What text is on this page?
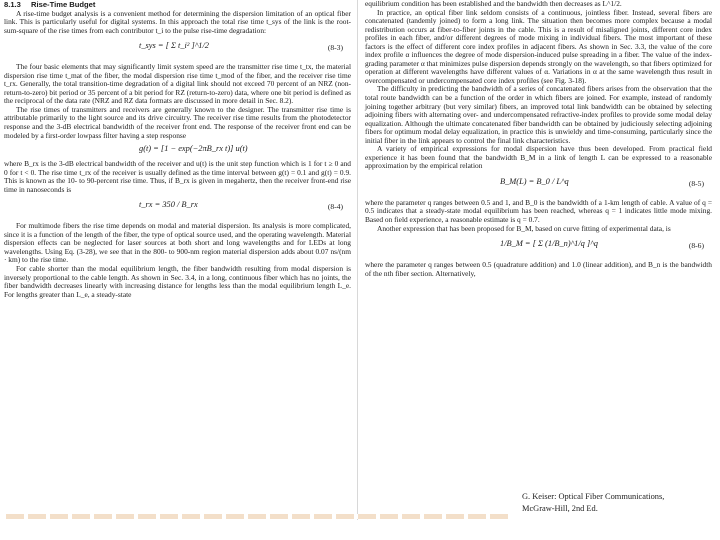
8.1.3 Rise-Time Budget

A rise-time budget analysis is a convenient method for determining the dispersion limitation of an optical fiber link. This is particularly useful for digital systems. In this approach the total rise time t_sys of the link is the root-sum-square of the rise times from each contributor t_i to the pulse rise-time degradation:

t_sys = [ Σ t_i² ]^1/2	(8-3)

The four basic elements that may significantly limit system speed are the transmitter rise time t_tx, the material dispersion rise time t_mat of the fiber, the modal dispersion rise time t_mod of the fiber, and the receiver rise time t_rx. Generally, the total transition-time degradation of a digital link should not exceed 70 percent of an NRZ (non-return-to-zero) bit period or 35 percent of a bit period for RZ (return-to-zero) data, where one bit period is defined as the reciprocal of the data rate (NRZ and RZ data formats are discussed in more detail in Sec. 8.2).

The rise times of transmitters and receivers are generally known to the designer. The transmitter rise time is attributable primarily to the light source and its drive circuitry. The receiver rise time results from the photodetector response and the 3-dB electrical bandwidth of the receiver front end. The response of the receiver front end can be modeled by a first-order lowpass filter having a step response

g(t) = [1 − exp(−2πB_rx t)] u(t)

where B_rx is the 3-dB electrical bandwidth of the receiver and u(t) is the unit step function which is 1 for t ≥ 0 and 0 for t < 0. The rise time t_rx of the receiver is usually defined as the time interval between g(t) = 0.1 and g(t) = 0.9. This is known as the 10- to 90-percent rise time. Thus, if B_rx is given in megahertz, then the receiver front-end rise time in nanoseconds is

t_rx = 350 / B_rx	(8-4)

For multimode fibers the rise time depends on modal and material dispersion. Its analysis is more complicated, since it is a function of the length of the fiber, the type of optical source used, and the operating wavelength. Material dispersion effects can be neglected for laser sources at both short and long wavelengths and for LEDs at long wavelengths. Using Eq. (3-28), we see that in the 800- to 900-nm region material dispersion adds about 0.07 ns/(nm · km) to the rise time.

For cable shorter than the modal equilibrium length, the fiber bandwidth resulting from modal dispersion is inversely proportional to the cable length. As shown in Sec. 3.4, in a long, continuous fiber which has no joints, the fiber bandwidth decreases linearly with increasing distance for lengths less than the modal equilibrium length L_e. For lengths greater than L_e, a steady-state

equilibrium condition has been established and the bandwidth then decreases as L^1/2.

In practice, an optical fiber link seldom consists of a continuous, jointless fiber. Instead, several fibers are concatenated (tandemly joined) to form a long link. The situation then becomes more complex because a modal redistribution occurs at fiber-to-fiber joints in the cable. This is a result of misaligned joints, different core index profiles in each fiber, and/or different degrees of mode mixing in individual fibers. The most important of these factors is the effect of different core index profiles in adjacent fibers. As shown in Sec. 3.3, the value of the core index profile α influences the degree of mode dispersion-induced pulse spreading in a fiber. The value of the index-grading parameter α that minimizes pulse dispersion depends strongly on the wavelength, so that fibers optimized for operation at different wavelengths have different values of α. Variations in α at the same wavelength thus result in overcompensated or undercompensated core index profiles (see Fig. 3-18).

The difficulty in predicting the bandwidth of a series of concatenated fibers arises from the observation that the total route bandwidth can be a function of the order in which fibers are joined. For example, instead of randomly joining together arbitrary (but very similar) fibers, an improved total link bandwidth can be obtained by selecting adjoining fibers with alternating over- and undercompensated refractive-index profiles to provide some modal delay equalization. Although the ultimate concatenated fiber bandwidth can be obtained by judiciously selecting adjoining fibers for optimum modal delay equalization, in practice this is unwieldy and time-consuming, particularly since the initial fiber in the link appears to control the final link characteristics.

A variety of empirical expressions for modal dispersion have thus been developed. From practical field experience it has been found that the bandwidth B_M in a link of length L can be expressed to a reasonable approximation by the empirical relation

B_M(L) = B_0 / L^q	(8-5)

where the parameter q ranges between 0.5 and 1, and B_0 is the bandwidth of a 1-km length of cable. A value of q = 0.5 indicates that a steady-state modal equilibrium has been reached, whereas q = 1 indicates little mode mixing. Based on field experience, a reasonable estimate is q = 0.7.

Another expression that has been proposed for B_M, based on curve fitting of experimental data, is

1/B_M = [ Σ (1/B_n)^1/q ]^q	(8-6)

where the parameter q ranges between 0.5 (quadrature addition) and 1.0 (linear addition), and B_n is the bandwidth of the nth fiber section. Alternatively,

G. Keiser: Optical Fiber Communications,
McGraw-Hill, 2nd Ed.
